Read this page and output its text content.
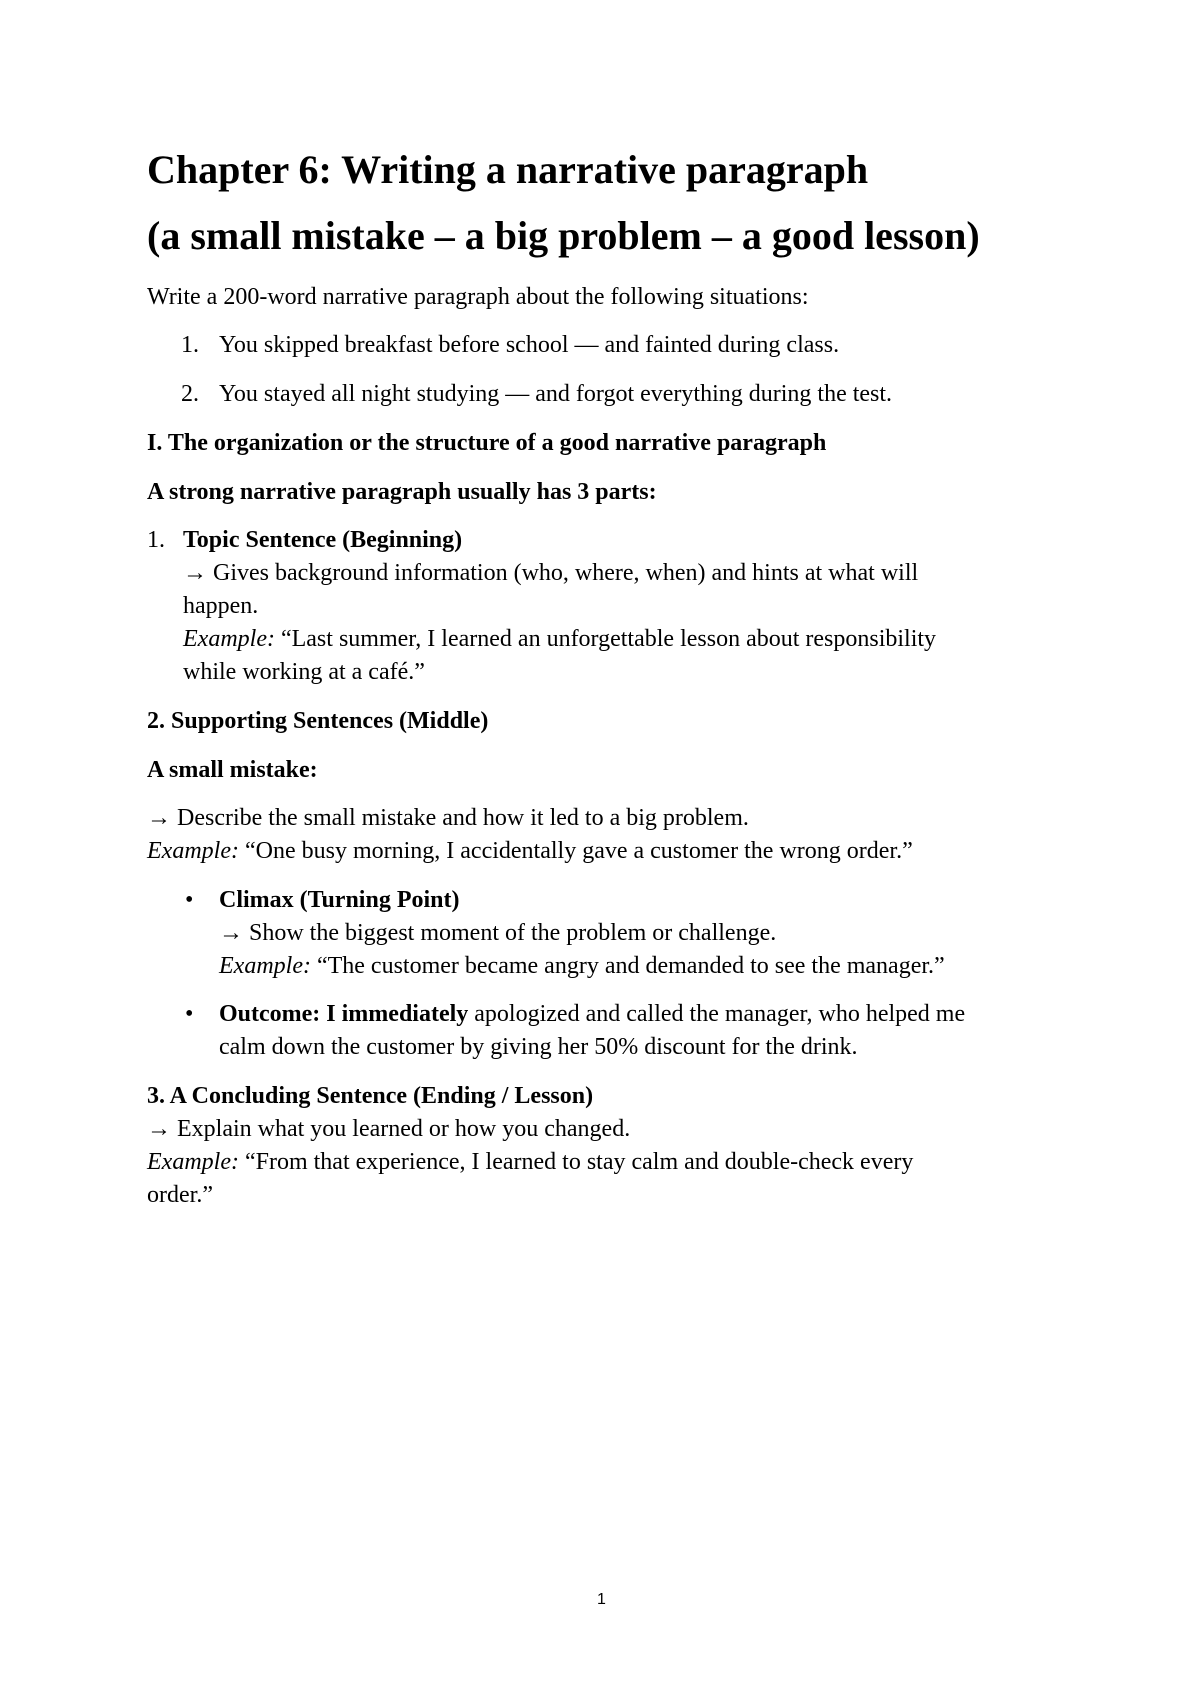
Chapter 6: Writing a narrative paragraph
(a small mistake – a big problem – a good lesson)
Write a 200-word narrative paragraph about the following situations:
1. You skipped breakfast before school — and fainted during class.
2. You stayed all night studying — and forgot everything during the test.
I. The organization or the structure of a good narrative paragraph
A strong narrative paragraph usually has 3 parts:
1. Topic Sentence (Beginning)
→ Gives background information (who, where, when) and hints at what will
happen.
Example: “Last summer, I learned an unforgettable lesson about responsibility
while working at a café.”
2. Supporting Sentences (Middle)
A small mistake:
→ Describe the small mistake and how it led to a big problem.
Example: “One busy morning, I accidentally gave a customer the wrong order.”
• Climax (Turning Point)
→ Show the biggest moment of the problem or challenge.
Example: “The customer became angry and demanded to see the manager.”
• Outcome: I immediately apologized and called the manager, who helped me
calm down the customer by giving her 50% discount for the drink.
3. A Concluding Sentence (Ending / Lesson)
→ Explain what you learned or how you changed.
Example: “From that experience, I learned to stay calm and double-check every
order.”
1
